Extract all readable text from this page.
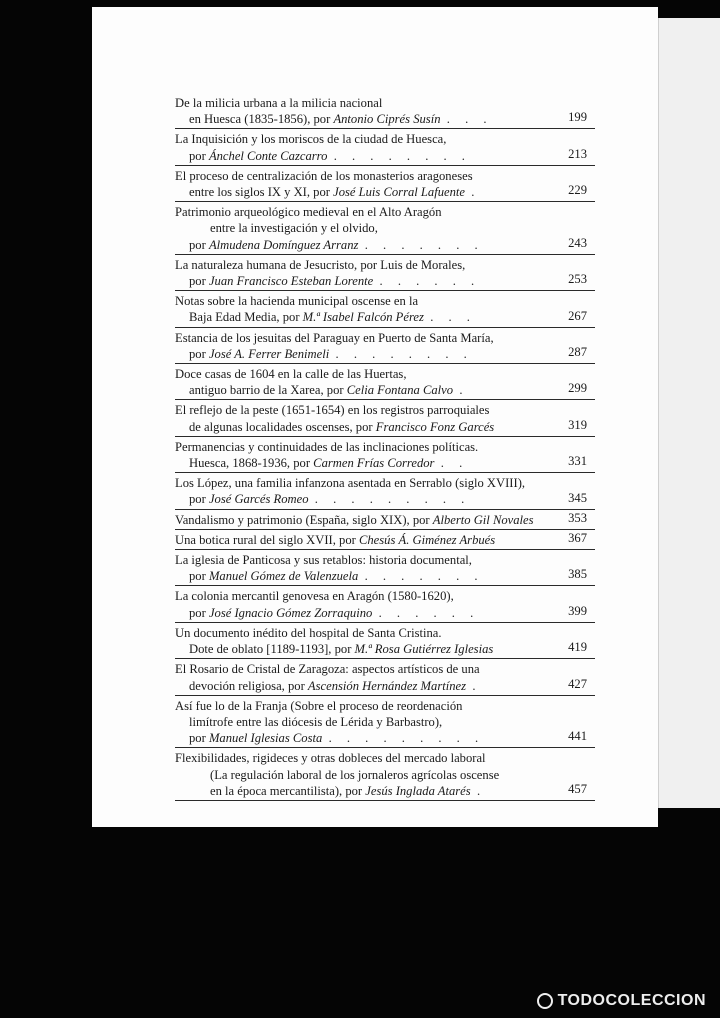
De la milicia urbana a la milicia nacional
en Huesca (1835-1856), por Antonio Ciprés Susín . . .	199
La Inquisición y los moriscos de la ciudad de Huesca,
por Ánchel Conte Cazcarro . . . . . . . .	213
El proceso de centralización de los monasterios aragoneses
entre los siglos IX y XI, por José Luis Corral Lafuente .	229
Patrimonio arqueológico medieval en el Alto Aragón
entre la investigación y el olvido,
por Almudena Domínguez Arranz . . . . . . .	243
La naturaleza humana de Jesucristo, por Luis de Morales,
por Juan Francisco Esteban Lorente . . . . . .	253
Notas sobre la hacienda municipal oscense en la
Baja Edad Media, por M.ª Isabel Falcón Pérez . . .	267
Estancia de los jesuitas del Paraguay en Puerto de Santa María,
por José A. Ferrer Benimeli . . . . . . . .	287
Doce casas de 1604 en la calle de las Huertas,
antiguo barrio de la Xarea, por Celia Fontana Calvo .	299
El reflejo de la peste (1651-1654) en los registros parroquiales
de algunas localidades oscenses, por Francisco Fonz Garcés	319
Permanencias y continuidades de las inclinaciones políticas.
Huesca, 1868-1936, por Carmen Frías Corredor . .	331
Los López, una familia infanzona asentada en Serrablo (siglo XVIII),
por José Garcés Romeo . . . . . . . . .	345
Vandalismo y patrimonio (España, siglo XIX), por Alberto Gil Novales	353
Una botica rural del siglo XVII, por Chesús Á. Giménez Arbués	367
La iglesia de Panticosa y sus retablos: historia documental,
por Manuel Gómez de Valenzuela . . . . . . .	385
La colonia mercantil genovesa en Aragón (1580-1620),
por José Ignacio Gómez Zorraquino . . . . . .	399
Un documento inédito del hospital de Santa Cristina.
Dote de oblato [1189-1193], por M.ª Rosa Gutiérrez Iglesias	419
El Rosario de Cristal de Zaragoza: aspectos artísticos de una
devoción religiosa, por Ascensión Hernández Martínez .	427
Así fue lo de la Franja (Sobre el proceso de reordenación
limítrofe entre las diócesis de Lérida y Barbastro),
por Manuel Iglesias Costa . . . . . . . . .	441
Flexibilidades, rigideces y otras dobleces del mercado laboral
(La regulación laboral de los jornaleros agrícolas oscense
en la época mercantilista), por Jesús Inglada Atarés .	457
TODOCOLECCION
